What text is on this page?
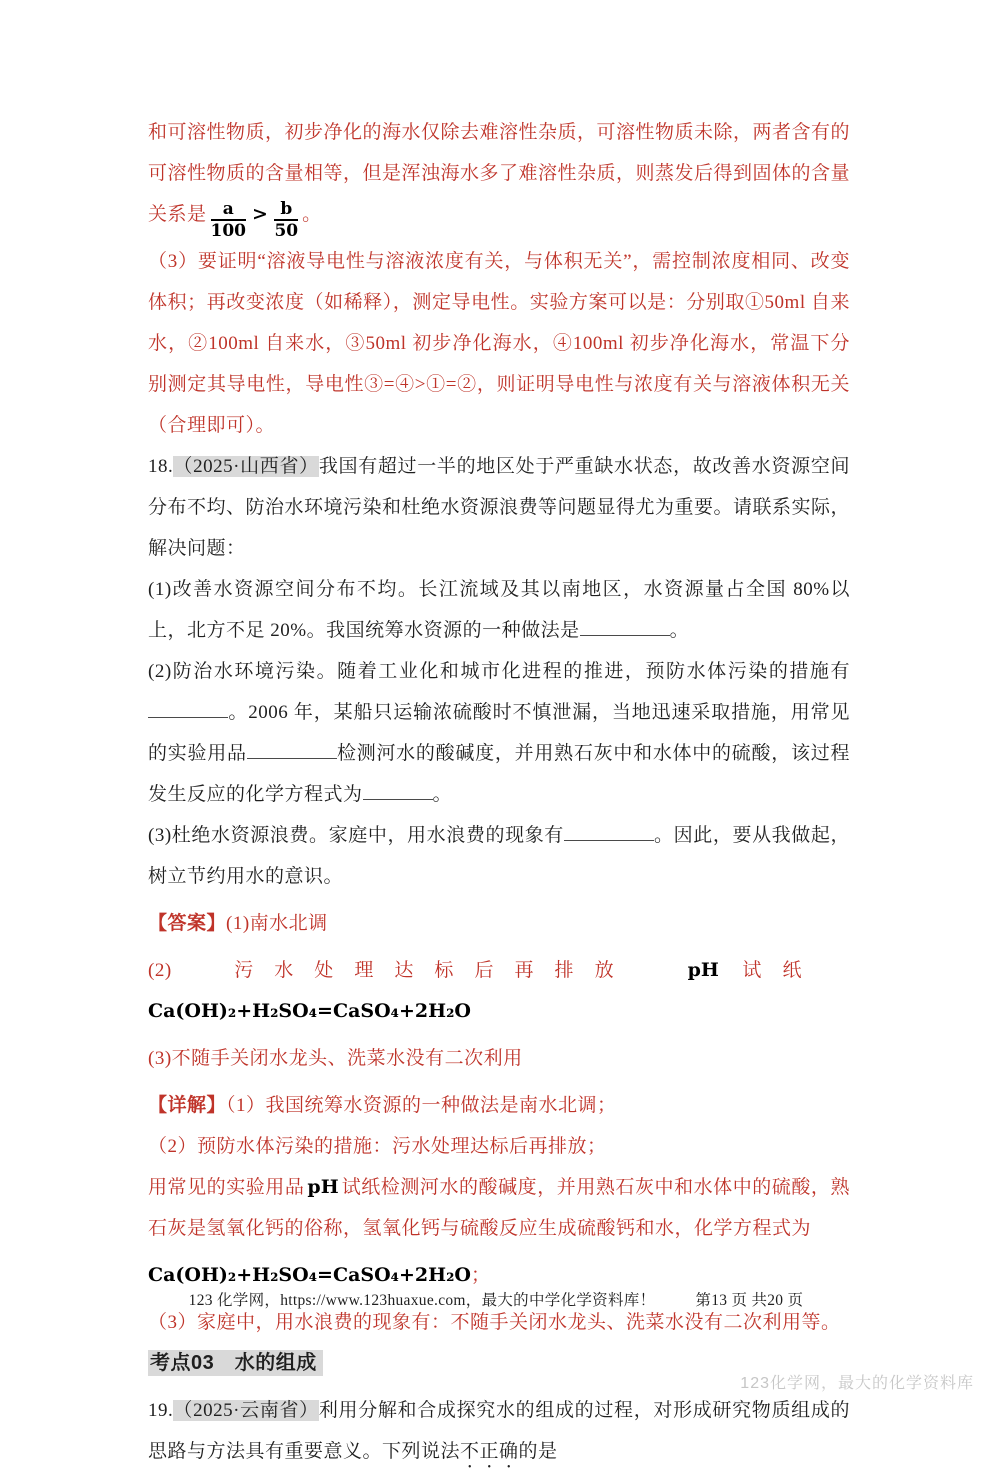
和可溶性物质，初步净化的海水仅除去难溶性杂质，可溶性物质未除，两者含有的可溶性物质的含量相等，但是浑浊海水多了难溶性杂质，则蒸发后得到固体的含量关系是 $\frac{a}{100} > \frac{b}{50}$ 。

（3）要证明“溶液导电性与溶液浓度有关，与体积无关”，需控制浓度相同、改变体积；再改变浓度（如稀释），测定导电性。实验方案可以是：分别取①50ml 自来水，②100ml 自来水，③50ml 初步净化海水，④100ml 初步净化海水，常温下分别测定其导电性，导电性③=④>①=②，则证明导电性与浓度有关与溶液体积无关（合理即可）。

18.（2025·山西省）我国有超过一半的地区处于严重缺水状态，故改善水资源空间分布不均、防治水环境污染和杜绝水资源浪费等问题显得尤为重要。请联系实际，解决问题：

(1)改善水资源空间分布不均。长江流域及其以南地区，水资源量占全国 80%以上，北方不足 20%。我国统筹水资源的一种做法是	。

(2)防治水环境污染。随着工业化和城市化进程的推进，预防水体污染的措施有。2006 年，某船只运输浓硫酸时不慎泄漏，当地迅速采取措施，用常见的实验用品	检测河水的酸碱度，并用熟石灰中和水体中的硫酸，该过程发生反应的化学方程式为	。

(3)杜绝水资源浪费。家庭中，用水浪费的现象有	。因此，要从我做起，树立节约用水的意识。

【答案】(1)南水北调

(2) 污水处理达标后再排放	pH 试纸Ca(OH)₂+H₂SO₄=CaSO₄+2H₂O

(3)不随手关闭水龙头、洗菜水没有二次利用

【详解】（1）我国统筹水资源的一种做法是南水北调；

（2）预防水体污染的措施：污水处理达标后再排放；

用常见的实验用品 pH 试纸检测河水的酸碱度，并用熟石灰中和水体中的硫酸，熟石灰是氢氧化钙的俗称，氢氧化钙与硫酸反应生成硫酸钙和水，化学方程式为

Ca(OH)₂+H₂SO₄=CaSO₄+2H₂O；

（3）家庭中，用水浪费的现象有：不随手关闭水龙头、洗菜水没有二次利用等。

考点03　水的组成

19.（2025·云南省）利用分解和合成探究水的组成的过程，对形成研究物质组成的思路与方法具有重要意义。下列说法不正确的是

123 化学网，https://www.123huaxue.com，最大的中学化学资料库！	第13 页 共20 页
123化学网，最大的化学资料库
